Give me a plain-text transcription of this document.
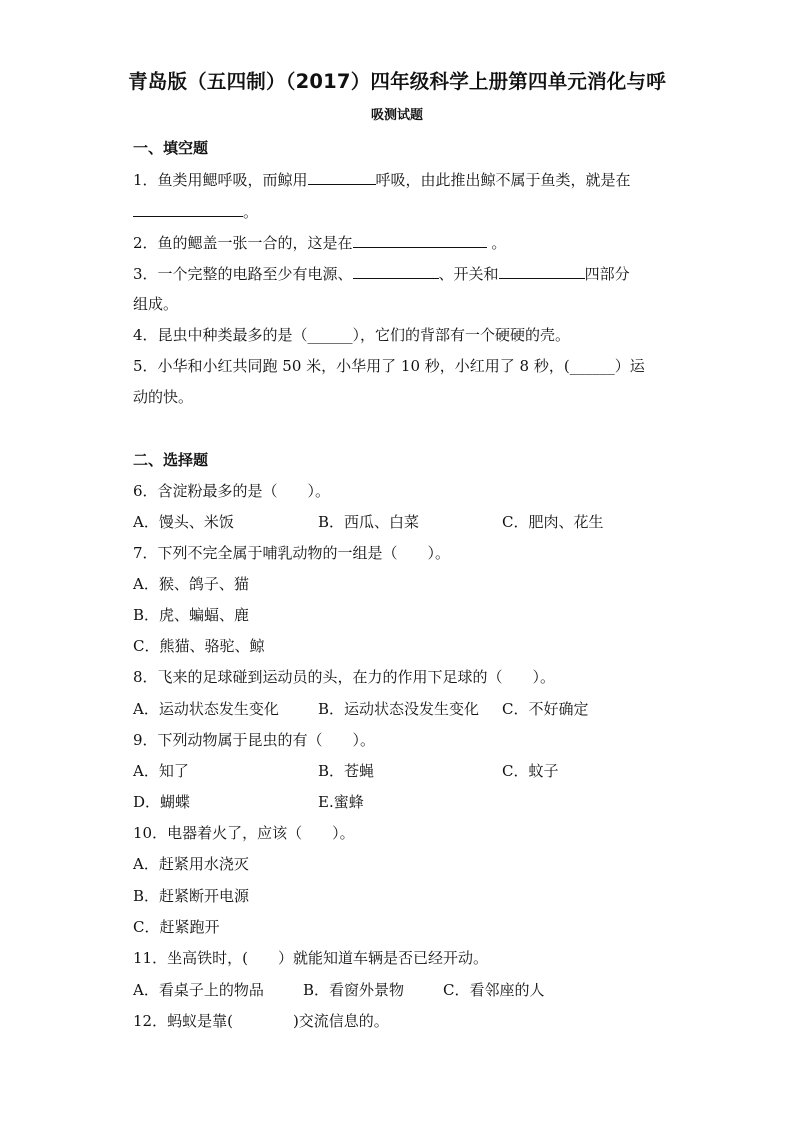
青岛版（五四制）（2017）四年级科学上册第四单元消化与呼
吸测试题
一、填空题
1．鱼类用鳃呼吸，而鲸用	呼吸，由此推出鲸不属于鱼类，就是在
。
2．鱼的鳃盖一张一合的，这是在	。
3．一个完整的电路至少有电源、	、开关和	四部分
组成。
4．昆虫中种类最多的是（______），它们的背部有一个硬硬的壳。
5．小华和小红共同跑 50 米，小华用了 10 秒，小红用了 8 秒，(______）运
动的快。
二、选择题
6．含淀粉最多的是（　　）。
A．馒头、米饭	B．西瓜、白菜	C．肥肉、花生
7．下列不完全属于哺乳动物的一组是（　　）。
A．猴、鸽子、猫
B．虎、蝙蝠、鹿
C．熊猫、骆驼、鲸
8．飞来的足球碰到运动员的头，在力的作用下足球的（　　）。
A．运动状态发生变化	B．运动状态没发生变化 C．不好确定
9．下列动物属于昆虫的有（　　）。
A．知了	B．苍蝇	C．蚊子
D．蝴蝶	E.蜜蜂
10．电器着火了，应该（　　）。
A．赶紧用水浇灭
B．赶紧断开电源
C．赶紧跑开
11．坐高铁时，(　　）就能知道车辆是否已经开动。
A．看桌子上的物品	B．看窗外景物	C．看邻座的人
12．蚂蚁是靠(　　　　)交流信息的。
